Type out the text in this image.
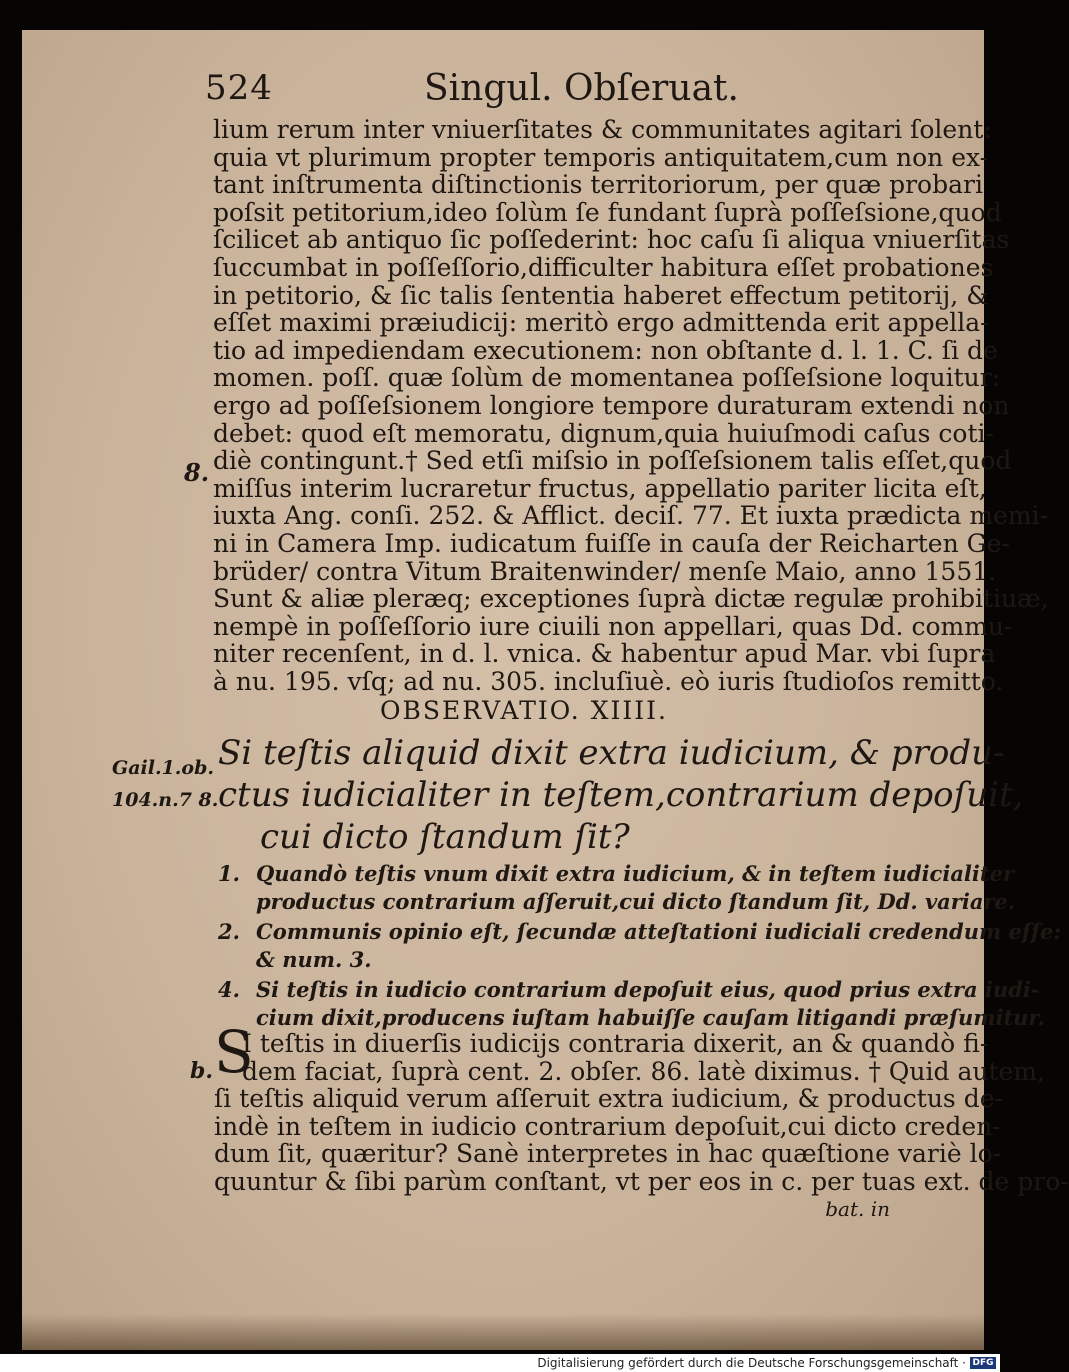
524	Singul. Obſeruat.
lium rerum inter vniuerſitates & communitates agitari ſolent:
quia vt plurimum propter temporis antiquitatem,cum non ex-
tant inſtrumenta diſtinctionis territoriorum, per quæ probari
poſsit petitorium,ideo ſolùm ſe fundant ſuprà poſſeſsione,quod
ſcilicet ab antiquo ſic poſſederint: hoc caſu ſi aliqua vniuerſitas
ſuccumbat in poſſeſſorio,difficulter habitura eſſet probationes
in petitorio, & ſic talis ſententia haberet effectum petitorij, &
eſſet maximi præiudicij: meritò ergo admittenda erit appella-
tio ad impediendam executionem: non obſtante d. l. 1. C. ſi de
momen. poſſ. quæ ſolùm de momentanea poſſeſsione loquitur:
ergo ad poſſeſsionem longiore tempore duraturam extendi non
debet: quod eſt memoratu, dignum,quia huiuſmodi caſus coti-
diè contingunt.† Sed etſi miſsio in poſſeſsionem talis eſſet,quod
miſſus interim lucraretur fructus, appellatio pariter licita eſt,
iuxta Ang. conſi. 252. & Afflict. deciſ. 77. Et iuxta prædicta memi-
ni in Camera Imp. iudicatum fuiſſe in cauſa der Reicharten Ge-
brüder/ contra Vitum Braitenwinder/ menſe Maio, anno 1551.
Sunt & aliæ pleræq; exceptiones ſuprà dictæ regulæ prohibitiuæ,
nempè in poſſeſſorio iure ciuili non appellari, quas Dd. commu-
niter recenſent, in d. l. vnica. & habentur apud Mar. vbi ſupra
à nu. 195. vſq; ad nu. 305. incluſiuè. eò iuris ſtudioſos remitto.
8.
OBSERVATIO. XIIII.
Gail.1.ob.
104.n.7 8.
Si teſtis aliquid dixit extra iudicium, & produ-
ctus iudicialiter in teſtem,contrarium depoſuit,
cui dicto ſtandum ſit?
1. Quandò teſtis vnum dixit extra iudicium, & in teſtem iudicialiter
productus contrarium aſſeruit,cui dicto ſtandum ſit, Dd. variare.
2. Communis opinio eſt, ſecundæ atteſtationi iudiciali credendum eſſe:
& num. 3.
4. Si teſtis in iudicio contrarium depoſuit eius, quod prius extra iudi-
cium dixit,producens iuſtam habuiſſe cauſam litigandi præſumitur.
S
b.
I teſtis in diuerſis iudicijs contraria dixerit, an & quandò fi-
dem faciat, ſuprà cent. 2. obſer. 86. latè diximus. † Quid autem,
ſi teſtis aliquid verum aſſeruit extra iudicium, & productus de-
indè in teſtem in iudicio contrarium depoſuit,cui dicto creden-
dum ſit, quæritur? Sanè interpretes in hac quæſtione variè lo-
quuntur & ſibi parùm conſtant, vt per eos in c. per tuas ext. de pro-
bat. in
Digitalisierung gefördert durch die Deutsche Forschungsgemeinschaft · DFG
